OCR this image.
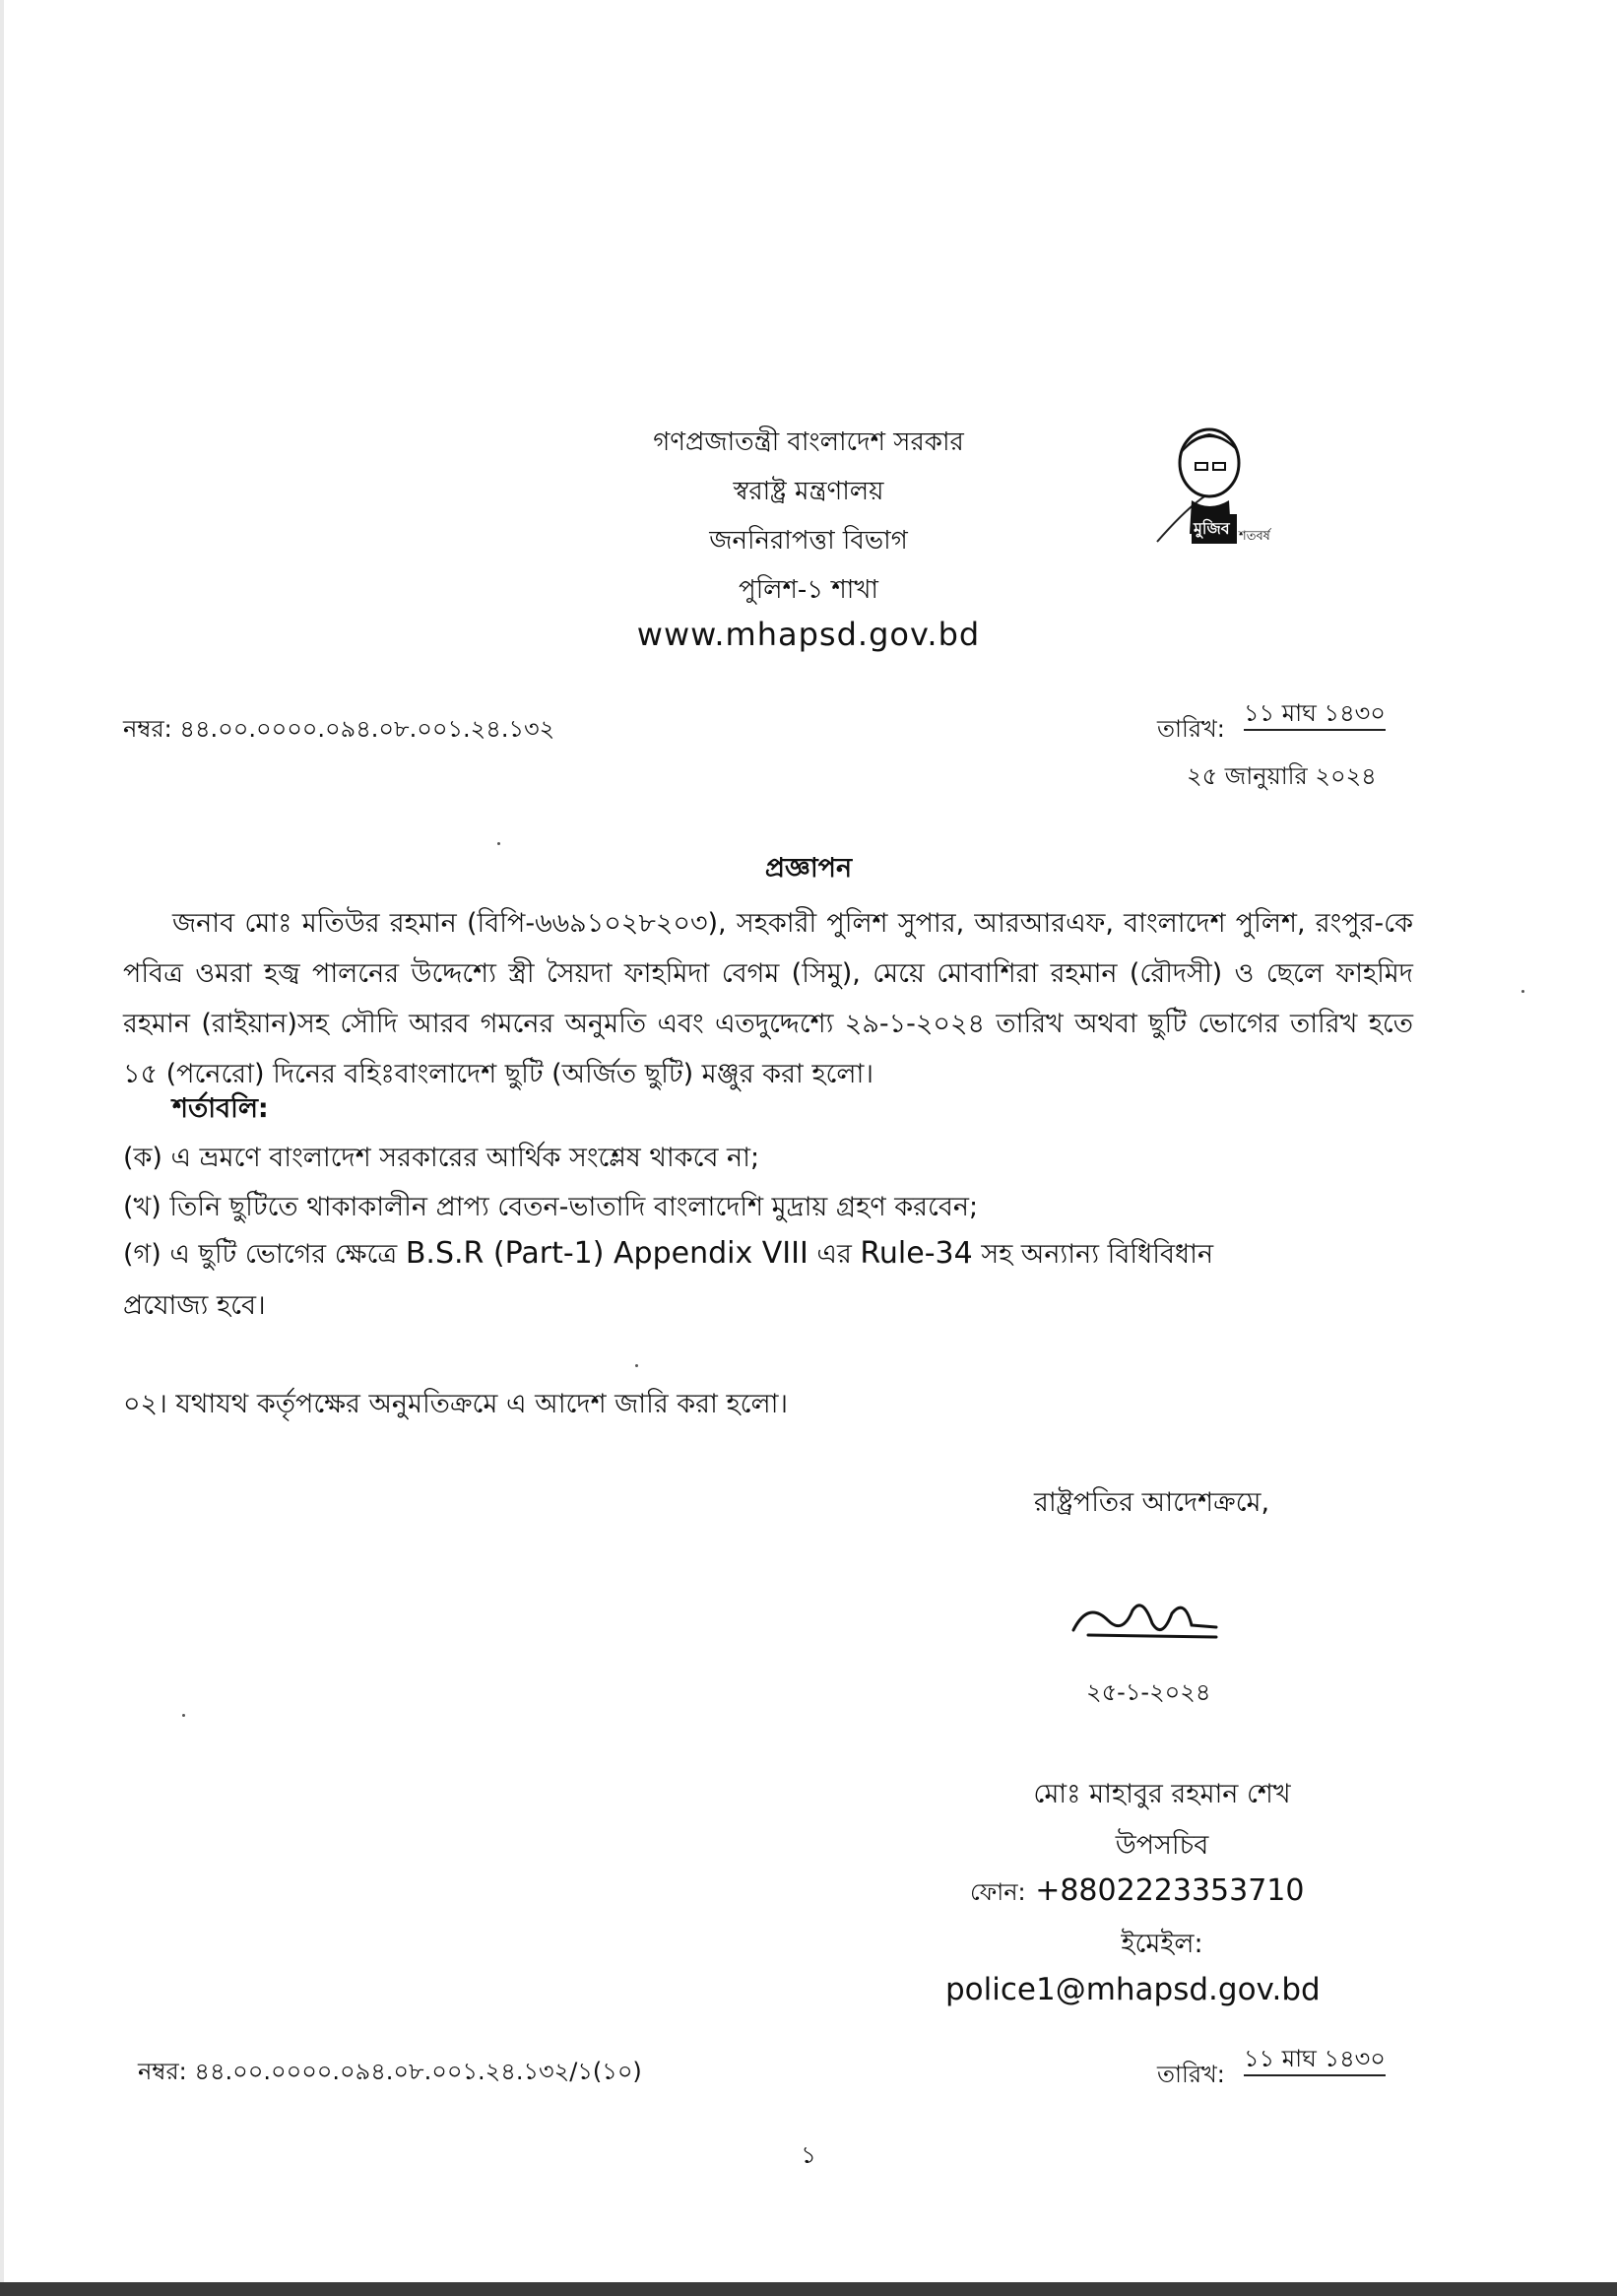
গণপ্রজাতন্ত্রী বাংলাদেশ সরকার
স্বরাষ্ট্র মন্ত্রণালয়
জননিরাপত্তা বিভাগ
পুলিশ-১ শাখা
www.mhapsd.gov.bd
মুজিব শতবর্ষ
নম্বর: ৪৪.০০.০০০০.০৯৪.০৮.০০১.২৪.১৩২	তারিখ:
১১ মাঘ ১৪৩০
২৫ জানুয়ারি ২০২৪
প্রজ্ঞাপন
জনাব মোঃ মতিউর রহমান (বিপি-৬৬৯১০২৮২০৩), সহকারী পুলিশ সুপার, আরআরএফ, বাংলাদেশ পুলিশ, রংপুর-কে পবিত্র ওমরা হজ্ব পালনের উদ্দেশ্যে স্ত্রী সৈয়দা ফাহমিদা বেগম (সিমু), মেয়ে মোবাশিরা রহমান (রৌদসী) ও ছেলে ফাহমিদ রহমান (রাইয়ান)সহ সৌদি আরব গমনের অনুমতি এবং এতদুদ্দেশ্যে ২৯-১-২০২৪ তারিখ অথবা ছুটি ভোগের তারিখ হতে ১৫ (পনেরো) দিনের বহিঃবাংলাদেশ ছুটি (অর্জিত ছুটি) মঞ্জুর করা হলো।
শর্তাবলি:
(ক) এ ভ্রমণে বাংলাদেশ সরকারের আর্থিক সংশ্লেষ থাকবে না;
(খ) তিনি ছুটিতে থাকাকালীন প্রাপ্য বেতন-ভাতাদি বাংলাদেশি মুদ্রায় গ্রহণ করবেন;
(গ) এ ছুটি ভোগের ক্ষেত্রে B.S.R (Part-1) Appendix VIII এর Rule-34 সহ অন্যান্য বিধিবিধান
প্রযোজ্য হবে।
০২। যথাযথ কর্তৃপক্ষের অনুমতিক্রমে এ আদেশ জারি করা হলো।
রাষ্ট্রপতির আদেশক্রমে,
২৫-১-২০২৪
মোঃ মাহাবুর রহমান শেখ
উপসচিব
ফোন: +8802223353710
ইমেইল:
police1@mhapsd.gov.bd
নম্বর: ৪৪.০০.০০০০.০৯৪.০৮.০০১.২৪.১৩২/১(১০)	তারিখ:
১১ মাঘ ১৪৩০
১
